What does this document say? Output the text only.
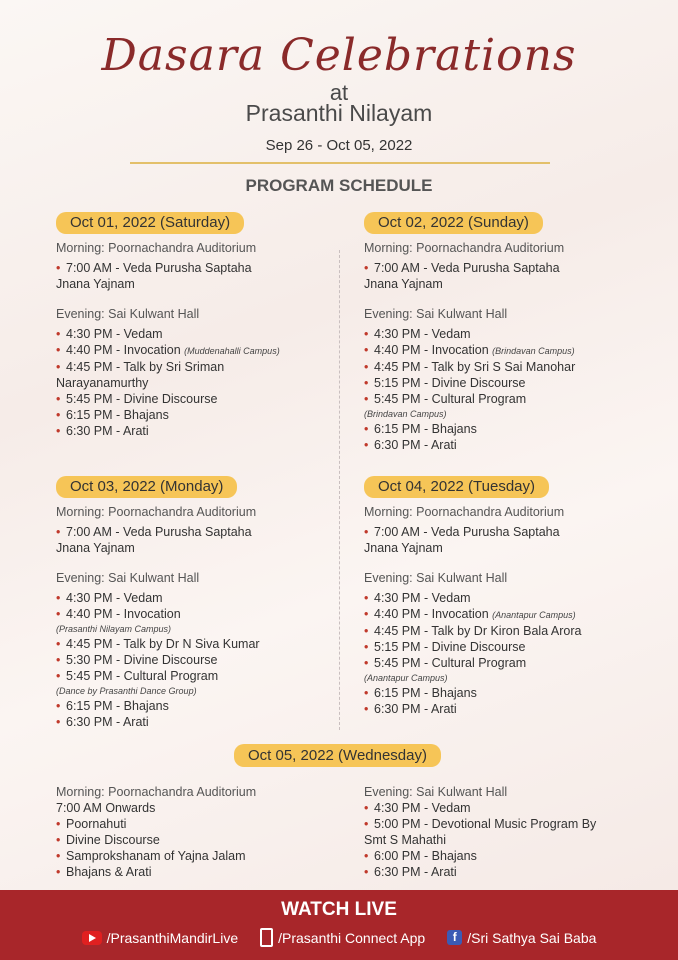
Dasara Celebrations
at
Prasanthi Nilayam
Sep 26 - Oct 05, 2022
PROGRAM SCHEDULE
Oct 01, 2022 (Saturday)
Morning: Poornachandra Auditorium
• 7:00 AM - Veda Purusha Saptaha
Jnana Yajnam
Evening: Sai Kulwant Hall
• 4:30 PM - Vedam
• 4:40 PM - Invocation (Muddenahalli Campus)
• 4:45 PM - Talk by Sri Sriman
Narayanamurthy
• 5:45 PM - Divine Discourse
• 6:15 PM - Bhajans
• 6:30 PM - Arati
Oct 02, 2022 (Sunday)
Morning: Poornachandra Auditorium
• 7:00 AM - Veda Purusha Saptaha
Jnana Yajnam
Evening: Sai Kulwant Hall
• 4:30 PM - Vedam
• 4:40 PM - Invocation (Brindavan Campus)
• 4:45 PM - Talk by Sri S Sai Manohar
• 5:15 PM - Divine Discourse
• 5:45 PM - Cultural Program
(Brindavan Campus)
• 6:15 PM - Bhajans
• 6:30 PM - Arati
Oct 03, 2022 (Monday)
Morning: Poornachandra Auditorium
• 7:00 AM - Veda Purusha Saptaha
Jnana Yajnam
Evening: Sai Kulwant Hall
• 4:30 PM - Vedam
• 4:40 PM - Invocation
(Prasanthi Nilayam Campus)
• 4:45 PM - Talk by Dr N Siva Kumar
• 5:30 PM - Divine Discourse
• 5:45 PM - Cultural Program
(Dance by Prasanthi Dance Group)
• 6:15 PM - Bhajans
• 6:30 PM - Arati
Oct 04, 2022 (Tuesday)
Morning: Poornachandra Auditorium
• 7:00 AM - Veda Purusha Saptaha
Jnana Yajnam
Evening: Sai Kulwant Hall
• 4:30 PM - Vedam
• 4:40 PM - Invocation (Anantapur Campus)
• 4:45 PM - Talk by Dr Kiron Bala Arora
• 5:15 PM - Divine Discourse
• 5:45 PM - Cultural Program
(Anantapur Campus)
• 6:15 PM - Bhajans
• 6:30 PM - Arati
Oct 05, 2022 (Wednesday)
Morning: Poornachandra Auditorium
7:00 AM Onwards
• Poornahuti
• Divine Discourse
• Samprokshanam of Yajna Jalam
• Bhajans & Arati
Evening: Sai Kulwant Hall
• 4:30 PM - Vedam
• 5:00 PM - Devotional Music Program By
Smt S Mahathi
• 6:00 PM - Bhajans
• 6:30 PM - Arati
WATCH LIVE
/PrasanthiMandirLive	/Prasanthi Connect App	f /Sri Sathya Sai Baba
